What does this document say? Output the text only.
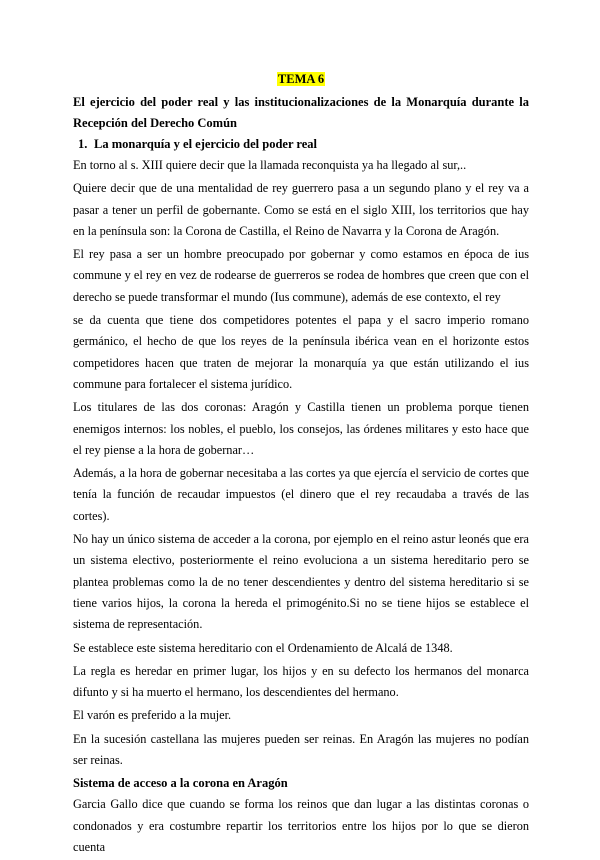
TEMA 6

El ejercicio del poder real y las institucionalizaciones de la Monarquía durante la Recepción del Derecho Común

1. La monarquía y el ejercicio del poder real

En torno al s. XIII quiere decir que la llamada reconquista ya ha llegado al sur,..

Quiere decir que de una mentalidad de rey guerrero pasa a un segundo plano y el rey va a pasar a tener un perfil de gobernante. Como se está en el siglo XIII, los territorios que hay en la península son: la Corona de Castilla, el Reino de Navarra y la Corona de Aragón.

El rey pasa a ser un hombre preocupado por gobernar y como estamos en época de ius commune y el rey en vez de rodearse de guerreros se rodea de hombres que creen que con el derecho se puede transformar el mundo (Ius commune), además de ese contexto, el rey

se da cuenta que tiene dos competidores potentes el papa y el sacro imperio romano germánico, el hecho de que los reyes de la península ibérica vean en el horizonte estos competidores hacen que traten de mejorar la monarquía ya que están utilizando el ius commune para fortalecer el sistema jurídico.

Los titulares de las dos coronas: Aragón y Castilla tienen un problema porque tienen enemigos internos: los nobles, el pueblo, los consejos, las órdenes militares y esto hace que el rey piense a la hora de gobernar…

Además, a la hora de gobernar necesitaba a las cortes ya que ejercía el servicio de cortes que tenía la función de recaudar impuestos (el dinero que el rey recaudaba a través de las cortes).

No hay un único sistema de acceder a la corona, por ejemplo en el reino astur leonés que era un sistema electivo, posteriormente el reino evoluciona a un sistema hereditario pero se plantea problemas como la de no tener descendientes y dentro del sistema hereditario si se tiene varios hijos, la corona la hereda el primogénito.Si no se tiene hijos se establece el sistema de representación.

Se establece este sistema hereditario con el Ordenamiento de Alcalá de 1348.

La regla es heredar en primer lugar, los hijos y en su defecto los hermanos del monarca difunto y si ha muerto el hermano, los descendientes del hermano.

El varón es preferido a la mujer.

En la sucesión castellana las mujeres pueden ser reinas. En Aragón las mujeres no podían ser reinas.

Sistema de acceso a la corona en Aragón

Garcia Gallo dice que cuando se forma los reinos que dan lugar a las distintas coronas o condonados y era costumbre repartir los territorios entre los hijos por lo que se dieron cuenta
